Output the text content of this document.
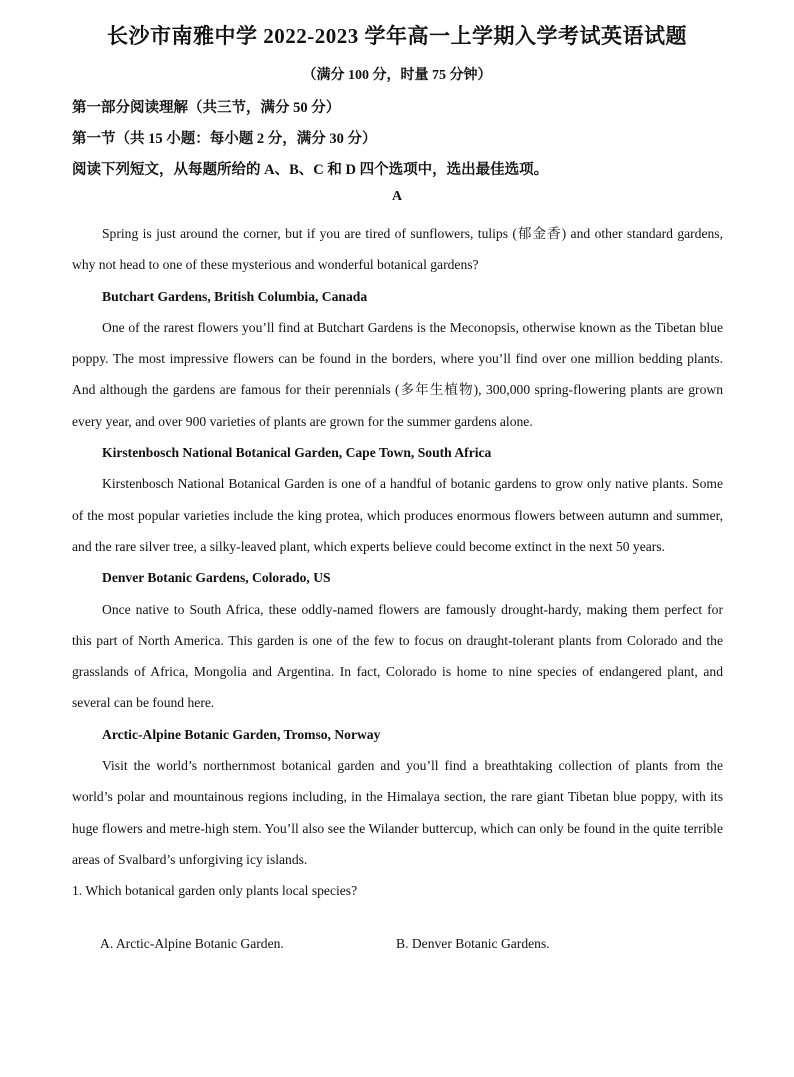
长沙市南雅中学 2022-2023 学年高一上学期入学考试英语试题
（满分 100 分，时量 75 分钟）
第一部分阅读理解（共三节，满分 50 分）
第一节（共 15 小题：每小题 2 分，满分 30 分）
阅读下列短文，从每题所给的 A、B、C 和 D 四个选项中，选出最佳选项。
A

Spring is just around the corner, but if you are tired of sunflowers, tulips (郁金香) and other standard gardens, why not head to one of these mysterious and wonderful botanical gardens?

Butchart Gardens, British Columbia, Canada

One of the rarest flowers you’ll find at Butchart Gardens is the Meconopsis, otherwise known as the Tibetan blue poppy. The most impressive flowers can be found in the borders, where you’ll find over one million bedding plants. And although the gardens are famous for their perennials (多年生植物), 300,000 spring-flowering plants are grown every year, and over 900 varieties of plants are grown for the summer gardens alone.

Kirstenbosch National Botanical Garden, Cape Town, South Africa

Kirstenbosch National Botanical Garden is one of a handful of botanic gardens to grow only native plants. Some of the most popular varieties include the king protea, which produces enormous flowers between autumn and summer, and the rare silver tree, a silky-leaved plant, which experts believe could become extinct in the next 50 years.

Denver Botanic Gardens, Colorado, US

Once native to South Africa, these oddly-named flowers are famously drought-hardy, making them perfect for this part of North America. This garden is one of the few to focus on draught-tolerant plants from Colorado and the grasslands of Africa, Mongolia and Argentina. In fact, Colorado is home to nine species of endangered plant, and several can be found here.

Arctic-Alpine Botanic Garden, Tromso, Norway

Visit the world’s northernmost botanical garden and you’ll find a breathtaking collection of plants from the world’s polar and mountainous regions including, in the Himalaya section, the rare giant Tibetan blue poppy, with its huge flowers and metre-high stem. You’ll also see the Wilander buttercup, which can only be found in the quite terrible areas of Svalbard’s unforgiving icy islands.

1. Which botanical garden only plants local species?

A. Arctic-Alpine Botanic Garden.	B. Denver Botanic Gardens.
